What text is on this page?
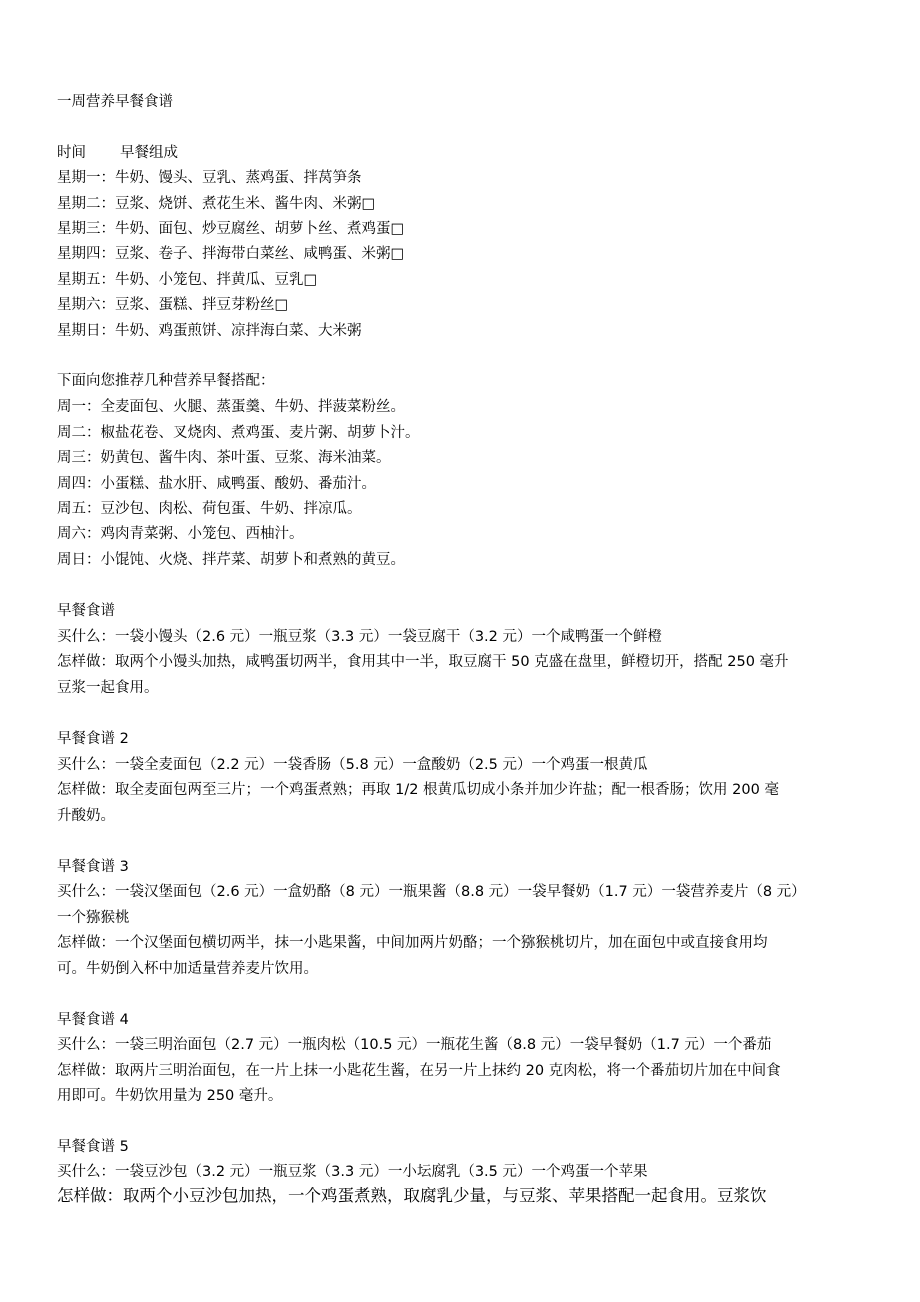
一周营养早餐食谱
时间 早餐组成
星期一：牛奶、馒头、豆乳、蒸鸡蛋、拌莴笋条
星期二：豆浆、烧饼、煮花生米、酱牛肉、米粥□
星期三：牛奶、面包、炒豆腐丝、胡萝卜丝、煮鸡蛋□
星期四：豆浆、卷子、拌海带白菜丝、咸鸭蛋、米粥□
星期五：牛奶、小笼包、拌黄瓜、豆乳□
星期六：豆浆、蛋糕、拌豆芽粉丝□
星期日：牛奶、鸡蛋煎饼、凉拌海白菜、大米粥
下面向您推荐几种营养早餐搭配：
周一：全麦面包、火腿、蒸蛋羹、牛奶、拌菠菜粉丝。
周二：椒盐花卷、叉烧肉、煮鸡蛋、麦片粥、胡萝卜汁。
周三：奶黄包、酱牛肉、茶叶蛋、豆浆、海米油菜。
周四：小蛋糕、盐水肝、咸鸭蛋、酸奶、番茄汁。
周五：豆沙包、肉松、荷包蛋、牛奶、拌凉瓜。
周六：鸡肉青菜粥、小笼包、西柚汁。
周日：小馄饨、火烧、拌芹菜、胡萝卜和煮熟的黄豆。
早餐食谱
买什么：一袋小馒头（2.6 元）一瓶豆浆（3.3 元）一袋豆腐干（3.2 元）一个咸鸭蛋一个鲜橙
怎样做：取两个小馒头加热，咸鸭蛋切两半，食用其中一半，取豆腐干 50 克盛在盘里，鲜橙切开，搭配 250 毫升
豆浆一起食用。
早餐食谱 2
买什么：一袋全麦面包（2.2 元）一袋香肠（5.8 元）一盒酸奶（2.5 元）一个鸡蛋一根黄瓜
怎样做：取全麦面包两至三片；一个鸡蛋煮熟；再取 1/2 根黄瓜切成小条并加少许盐；配一根香肠；饮用 200 毫
升酸奶。
早餐食谱 3
买什么：一袋汉堡面包（2.6 元）一盒奶酪（8 元）一瓶果酱（8.8 元）一袋早餐奶（1.7 元）一袋营养麦片（8 元）
一个猕猴桃
怎样做：一个汉堡面包横切两半，抹一小匙果酱，中间加两片奶酪；一个猕猴桃切片，加在面包中或直接食用均
可。牛奶倒入杯中加适量营养麦片饮用。
早餐食谱 4
买什么：一袋三明治面包（2.7 元）一瓶肉松（10.5 元）一瓶花生酱（8.8 元）一袋早餐奶（1.7 元）一个番茄
怎样做：取两片三明治面包，在一片上抹一小匙花生酱，在另一片上抹约 20 克肉松，将一个番茄切片加在中间食
用即可。牛奶饮用量为 250 毫升。
早餐食谱 5
买什么：一袋豆沙包（3.2 元）一瓶豆浆（3.3 元）一小坛腐乳（3.5 元）一个鸡蛋一个苹果
怎样做：取两个小豆沙包加热，一个鸡蛋煮熟，取腐乳少量，与豆浆、苹果搭配一起食用。豆浆饮
